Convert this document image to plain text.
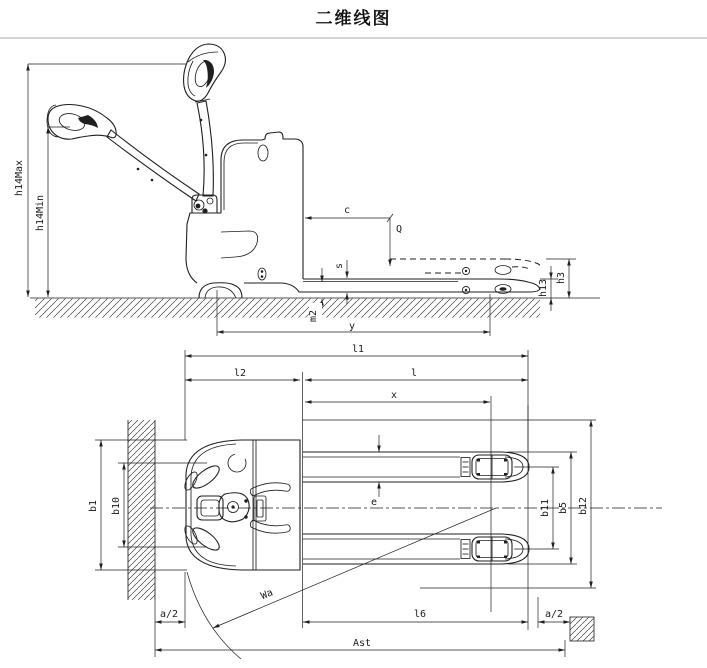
二维线图
h14Max
h14Min	c
Q
s
m2
y
h13
h3
l1
l2	l
x
e
b1 b10	b11 b5 b12
Wa
a/2	l6	a/2
Ast
